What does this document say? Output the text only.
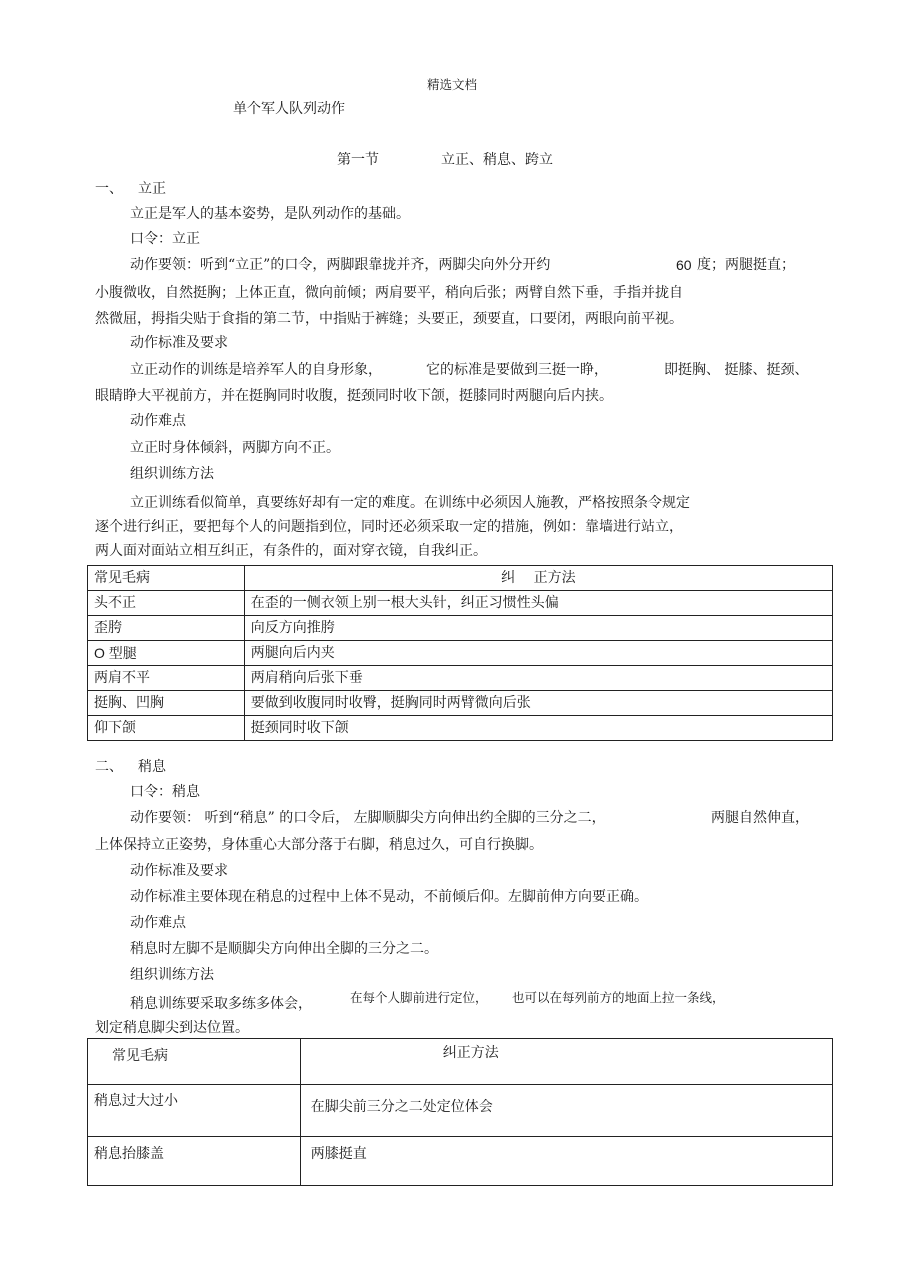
精选文档
单个军人队列动作
第一节	立正、稍息、跨立
一、 立正
立正是军人的基本姿势，是队列动作的基础。
口令：立正
动作要领：听到“立正”的口令，两脚跟靠拢并齐，两脚尖向外分开约	60 度；两腿挺直；
小腹微收，自然挺胸；上体正直，微向前倾；两肩要平，稍向后张；两臂自然下垂，手指并拢自
然微屈，拇指尖贴于食指的第二节，中指贴于裤缝；头要正，颈要直，口要闭，两眼向前平视。
动作标准及要求
立正动作的训练是培养军人的自身形象，	它的标准是要做到三挺一睁，	即挺胸、 挺膝、挺颈、
眼睛睁大平视前方，并在挺胸同时收腹，挺颈同时收下颌，挺膝同时两腿向后内挟。
动作难点
立正时身体倾斜，两脚方向不正。
组织训练方法
立正训练看似简单，真要练好却有一定的难度。在训练中必须因人施教，严格按照条令规定
逐个进行纠正，要把每个人的问题指到位，同时还必须采取一定的措施，例如：靠墙进行站立，
两人面对面站立相互纠正，有条件的，面对穿衣镜，自我纠正。
常见毛病	纠　 正方法
头不正	在歪的一侧衣领上别一根大头针，纠正习惯性头偏
歪胯	向反方向推胯
O 型腿	两腿向后内夹
两肩不平	两肩稍向后张下垂
挺胸、凹胸	要做到收腹同时收臀，挺胸同时两臂微向后张
仰下颌	挺颈同时收下颌
二、 稍息
口令：稍息
动作要领： 听到“稍息” 的口令后， 左脚顺脚尖方向伸出约全脚的三分之二，	两腿自然伸直，
上体保持立正姿势，身体重心大部分落于右脚，稍息过久，可自行换脚。
动作标准及要求
动作标准主要体现在稍息的过程中上体不晃动，不前倾后仰。左脚前伸方向要正确。
动作难点
稍息时左脚不是顺脚尖方向伸出全脚的三分之二。
组织训练方法
稍息训练要采取多练多体会，	在每个人脚前进行定位， 也可以在每列前方的地面上拉一条线，
划定稍息脚尖到达位置。
常见毛病	纠正方法
稍息过大过小	在脚尖前三分之二处定位体会
稍息抬膝盖	两膝挺直
